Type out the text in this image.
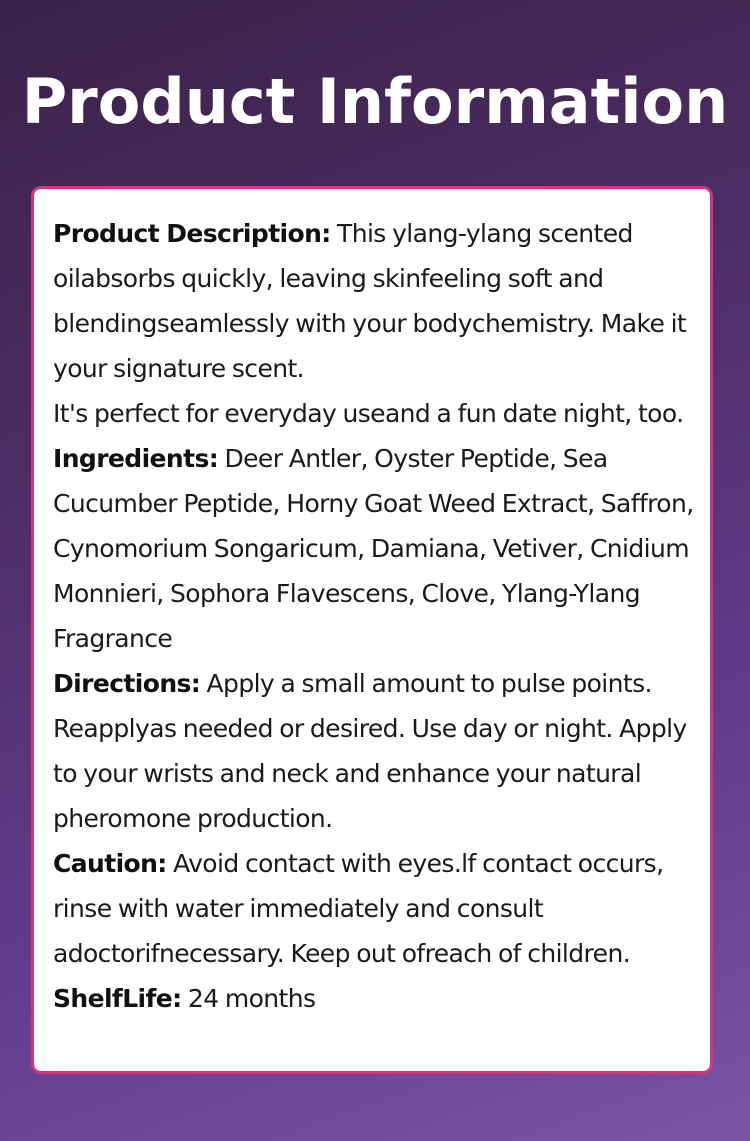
Product Information

Product Description: This ylang-ylang scented oilabsorbs quickly, leaving skinfeeling soft and blendingseamlessly with your bodychemistry. Make it your signature scent.
It's perfect for everyday useand a fun date night, too.

Ingredients: Deer Antler, Oyster Peptide, Sea Cucumber Peptide, Horny Goat Weed Extract, Saffron, Cynomorium Songaricum, Damiana, Vetiver, Cnidium Monnieri, Sophora Flavescens, Clove, Ylang-Ylang Fragrance

Directions: Apply a small amount to pulse points. Reapplyas needed or desired. Use day or night. Apply to your wrists and neck and enhance your natural pheromone production.

Caution: Avoid contact with eyes.lf contact occurs, rinse with water immediately and consult adoctorifnecessary. Keep out ofreach of children.

ShelfLife: 24 months
